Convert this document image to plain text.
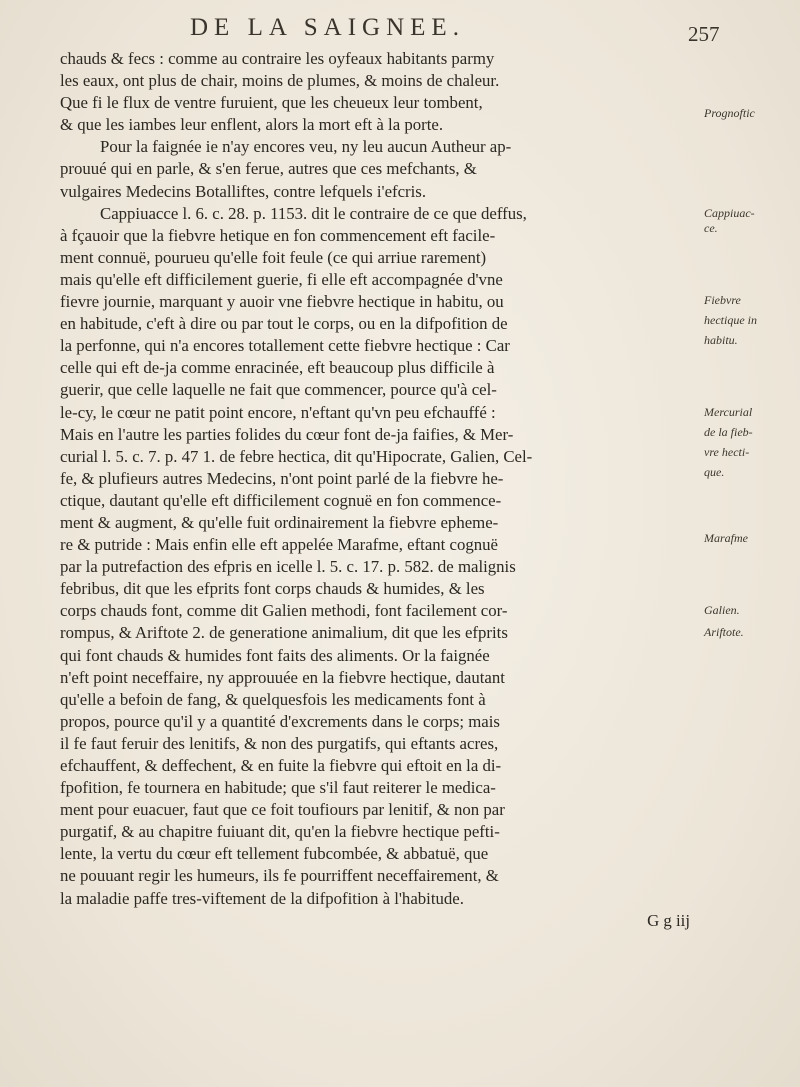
DE LA SAIGNEE.	257
chauds & fecs : comme au contraire les oyfeaux habitants parmy
les eaux, ont plus de chair, moins de plumes, & moins de chaleur.
Que fi le flux de ventre furuient, que les cheueux leur tombent,
& que les iambes leur enflent, alors la mort eft à la porte.
Pour la faignée ie n'ay encores veu, ny leu aucun Autheur ap-
prouué qui en parle, & s'en ferue, autres que ces mefchants, &
vulgaires Medecins Botalliftes, contre lefquels i'efcris.
Cappiuacce l. 6. c. 28. p. 1153. dit le contraire de ce que deffus,
à fçauoir que la fiebvre hetique en fon commencement eft facile-
ment connuë, pourueu qu'elle foit feule (ce qui arriue rarement)
mais qu'elle eft difficilement guerie, fi elle eft accompagnée d'vne
fievre journie, marquant y auoir vne fiebvre hectique in habitu, ou
en habitude, c'eft à dire ou par tout le corps, ou en la difpofition de
la perfonne, qui n'a encores totallement cette fiebvre hectique : Car
celle qui eft de-ja comme enracinée, eft beaucoup plus difficile à
guerir, que celle laquelle ne fait que commencer, pource qu'à cel-
le-cy, le cœur ne patit point encore, n'eftant qu'vn peu efchauffé :
Mais en l'autre les parties folides du cœur font de-ja faifies, & Mer-
curial l. 5. c. 7. p. 47 1. de febre hectica, dit qu'Hipocrate, Galien, Cel-
fe, & plufieurs autres Medecins, n'ont point parlé de la fiebvre he-
ctique, dautant qu'elle eft difficilement cognuë en fon commence-
ment & augment, & qu'elle fuit ordinairement la fiebvre epheme-
re & putride : Mais enfin elle eft appelée Marafme, eftant cognuë
par la putrefaction des efpris en icelle l. 5. c. 17. p. 582. de malignis
febribus, dit que les efprits font corps chauds & humides, & les
corps chauds font, comme dit Galien methodi, font facilement cor-
rompus, & Ariftote 2. de generatione animalium, dit que les efprits
qui font chauds & humides font faits des aliments. Or la faignée
n'eft point neceffaire, ny approuuée en la fiebvre hectique, dautant
qu'elle a befoin de fang, & quelquesfois les medicaments font à
propos, pource qu'il y a quantité d'excrements dans le corps; mais
il fe faut feruir des lenitifs, & non des purgatifs, qui eftants acres,
efchauffent, & deffechent, & en fuite la fiebvre qui eftoit en la di-
fpofition, fe tournera en habitude; que s'il faut reiterer le medica-
ment pour euacuer, faut que ce foit toufiours par lenitif, & non par
purgatif, & au chapitre fuiuant dit, qu'en la fiebvre hectique pefti-
lente, la vertu du cœur eft tellement fubcombée, & abbatuë, que
ne pouuant regir les humeurs, ils fe pourriffent neceffairement, &
la maladie paffe tres-viftement de la difpofition à l'habitude.
G g iij
Prognoftic
Cappiuac-
ce.
Fiebvre
hectique in
habitu.
Mercurial
de la fieb-
vre hecti-
que.
Marafme
Galien.
Ariftote.
